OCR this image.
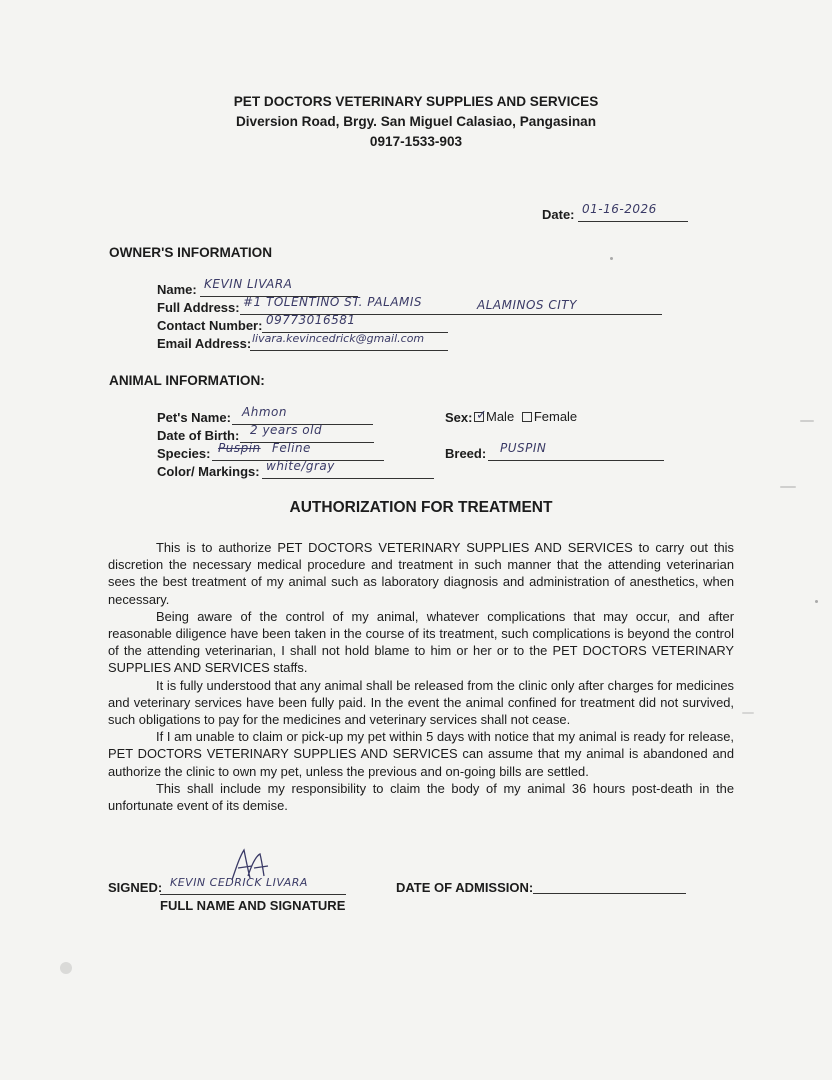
PET DOCTORS VETERINARY SUPPLIES AND SERVICES
Diversion Road, Brgy. San Miguel Calasiao, Pangasinan
0917-1533-903
Date: 01-16-2026
OWNER'S INFORMATION
Name: KEVIN LIVARA
Full Address: #1 TOLENTINO ST. PALAMIS	ALAMINOS CITY
Contact Number: 09773016581
Email Address: livara.kevincedrick@gmail.com
ANIMAL INFORMATION:
Pet's Name: Ahmon
Date of Birth: 2 years old
Species: Puspin Feline
Color/ Markings: white/gray
Sex: ✓ Male Female
Breed: PUSPIN
AUTHORIZATION FOR TREATMENT

This is to authorize PET DOCTORS VETERINARY SUPPLIES AND SERVICES to carry out this discretion the necessary medical procedure and treatment in such manner that the attending veterinarian sees the best treatment of my animal such as laboratory diagnosis and administration of anesthetics, when necessary.

Being aware of the control of my animal, whatever complications that may occur, and after reasonable diligence have been taken in the course of its treatment, such complications is beyond the control of the attending veterinarian, I shall not hold blame to him or her or to the PET DOCTORS VETERINARY SUPPLIES AND SERVICES staffs.

It is fully understood that any animal shall be released from the clinic only after charges for medicines and veterinary services have been fully paid. In the event the animal confined for treatment did not survived, such obligations to pay for the medicines and veterinary services shall not cease.

If I am unable to claim or pick-up my pet within 5 days with notice that my animal is ready for release, PET DOCTORS VETERINARY SUPPLIES AND SERVICES can assume that my animal is abandoned and authorize the clinic to own my pet, unless the previous and on-going bills are settled.

This shall include my responsibility to claim the body of my animal 36 hours post-death in the unfortunate event of its demise.

SIGNED: KEVIN CEDRICK LIVARA
FULL NAME AND SIGNATURE
DATE OF ADMISSION:
